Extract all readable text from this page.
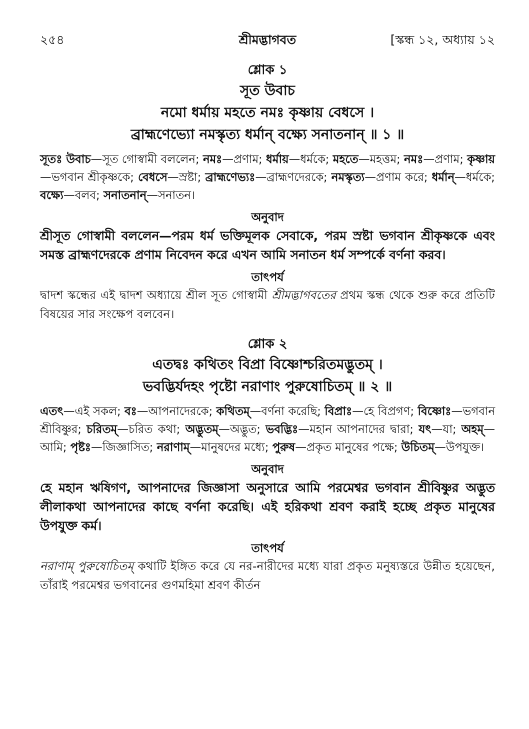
২৫৪	শ্রীমদ্ভাগবত	[স্কন্ধ ১২, অধ্যায় ১২
শ্লোক ১
সূত উবাচ
নমো ধর্মায় মহতে নমঃ কৃষ্ণায় বেধসে ।
ব্রাহ্মণেভ্যো নমস্কৃত্য ধর্মান্ বক্ষ্যে সনাতনান্ ॥ ১ ॥
সূতঃ উবাচ—সূত গোস্বামী বললেন; নমঃ—প্রণাম; ধর্মায়—ধর্মকে; মহতে—মহত্তম; নমঃ—প্রণাম; কৃষ্ণায়—ভগবান শ্রীকৃষ্ণকে; বেধসে—স্রষ্টা; ব্রাহ্মণেভ্যঃ—ব্রাহ্মণদেরকে; নমস্কৃত্য—প্রণাম করে; ধর্মান্—ধর্মকে; বক্ষ্যে—বলব; সনাতনান্—সনাতন।
অনুবাদ
শ্রীসূত গোস্বামী বললেন—পরম ধর্ম ভক্তিমূলক সেবাকে, পরম স্রষ্টা ভগবান শ্রীকৃষ্ণকে এবং সমস্ত ব্রাহ্মণদেরকে প্রণাম নিবেদন করে এখন আমি সনাতন ধর্ম সম্পর্কে বর্ণনা করব।
তাৎপর্য
দ্বাদশ স্কন্ধের এই দ্বাদশ অধ্যায়ে শ্রীল সূত গোস্বামী শ্রীমদ্ভাগবতের প্রথম স্কন্ধ থেকে শুরু করে প্রতিটি বিষয়ের সার সংক্ষেপ বলবেন।
শ্লোক ২
এতদ্বঃ কথিতং বিপ্রা বিষ্ণোশ্চরিতমদ্ভুতম্ ।
ভবদ্ভির্যদহং পৃষ্টো নরাণাং পুরুষোচিতম্ ॥ ২ ॥
এতৎ—এই সকল; বঃ—আপনাদেরকে; কথিতম্—বর্ণনা করেছি; বিপ্রাঃ—হে বিপ্রগণ; বিষ্ণোঃ—ভগবান শ্রীবিষ্ণুর; চরিতম্—চরিত কথা; অদ্ভুতম্—অদ্ভুত; ভবদ্ভিঃ—মহান আপনাদের দ্বারা; যৎ—যা; অহম্—আমি; পৃষ্টঃ—জিজ্ঞাসিত; নরাণাম্—মানুষদের মধ্যে; পুরুষ—প্রকৃত মানুষের পক্ষে; উচিতম্—উপযুক্ত।
অনুবাদ
হে মহান ঋষিগণ, আপনাদের জিজ্ঞাসা অনুসারে আমি পরমেশ্বর ভগবান শ্রীবিষ্ণুর অদ্ভুত লীলাকথা আপনাদের কাছে বর্ণনা করেছি। এই হরিকথা শ্রবণ করাই হচ্ছে প্রকৃত মানুষের উপযুক্ত কর্ম।
তাৎপর্য
নরাণাম্ পুরুষোচিতম্ কথাটি ইঙ্গিত করে যে নর-নারীদের মধ্যে যারা প্রকৃত মনুষ্যস্তরে উন্নীত হয়েছেন, তাঁরাই পরমেশ্বর ভগবানের গুণমহিমা শ্রবণ কীর্তন
